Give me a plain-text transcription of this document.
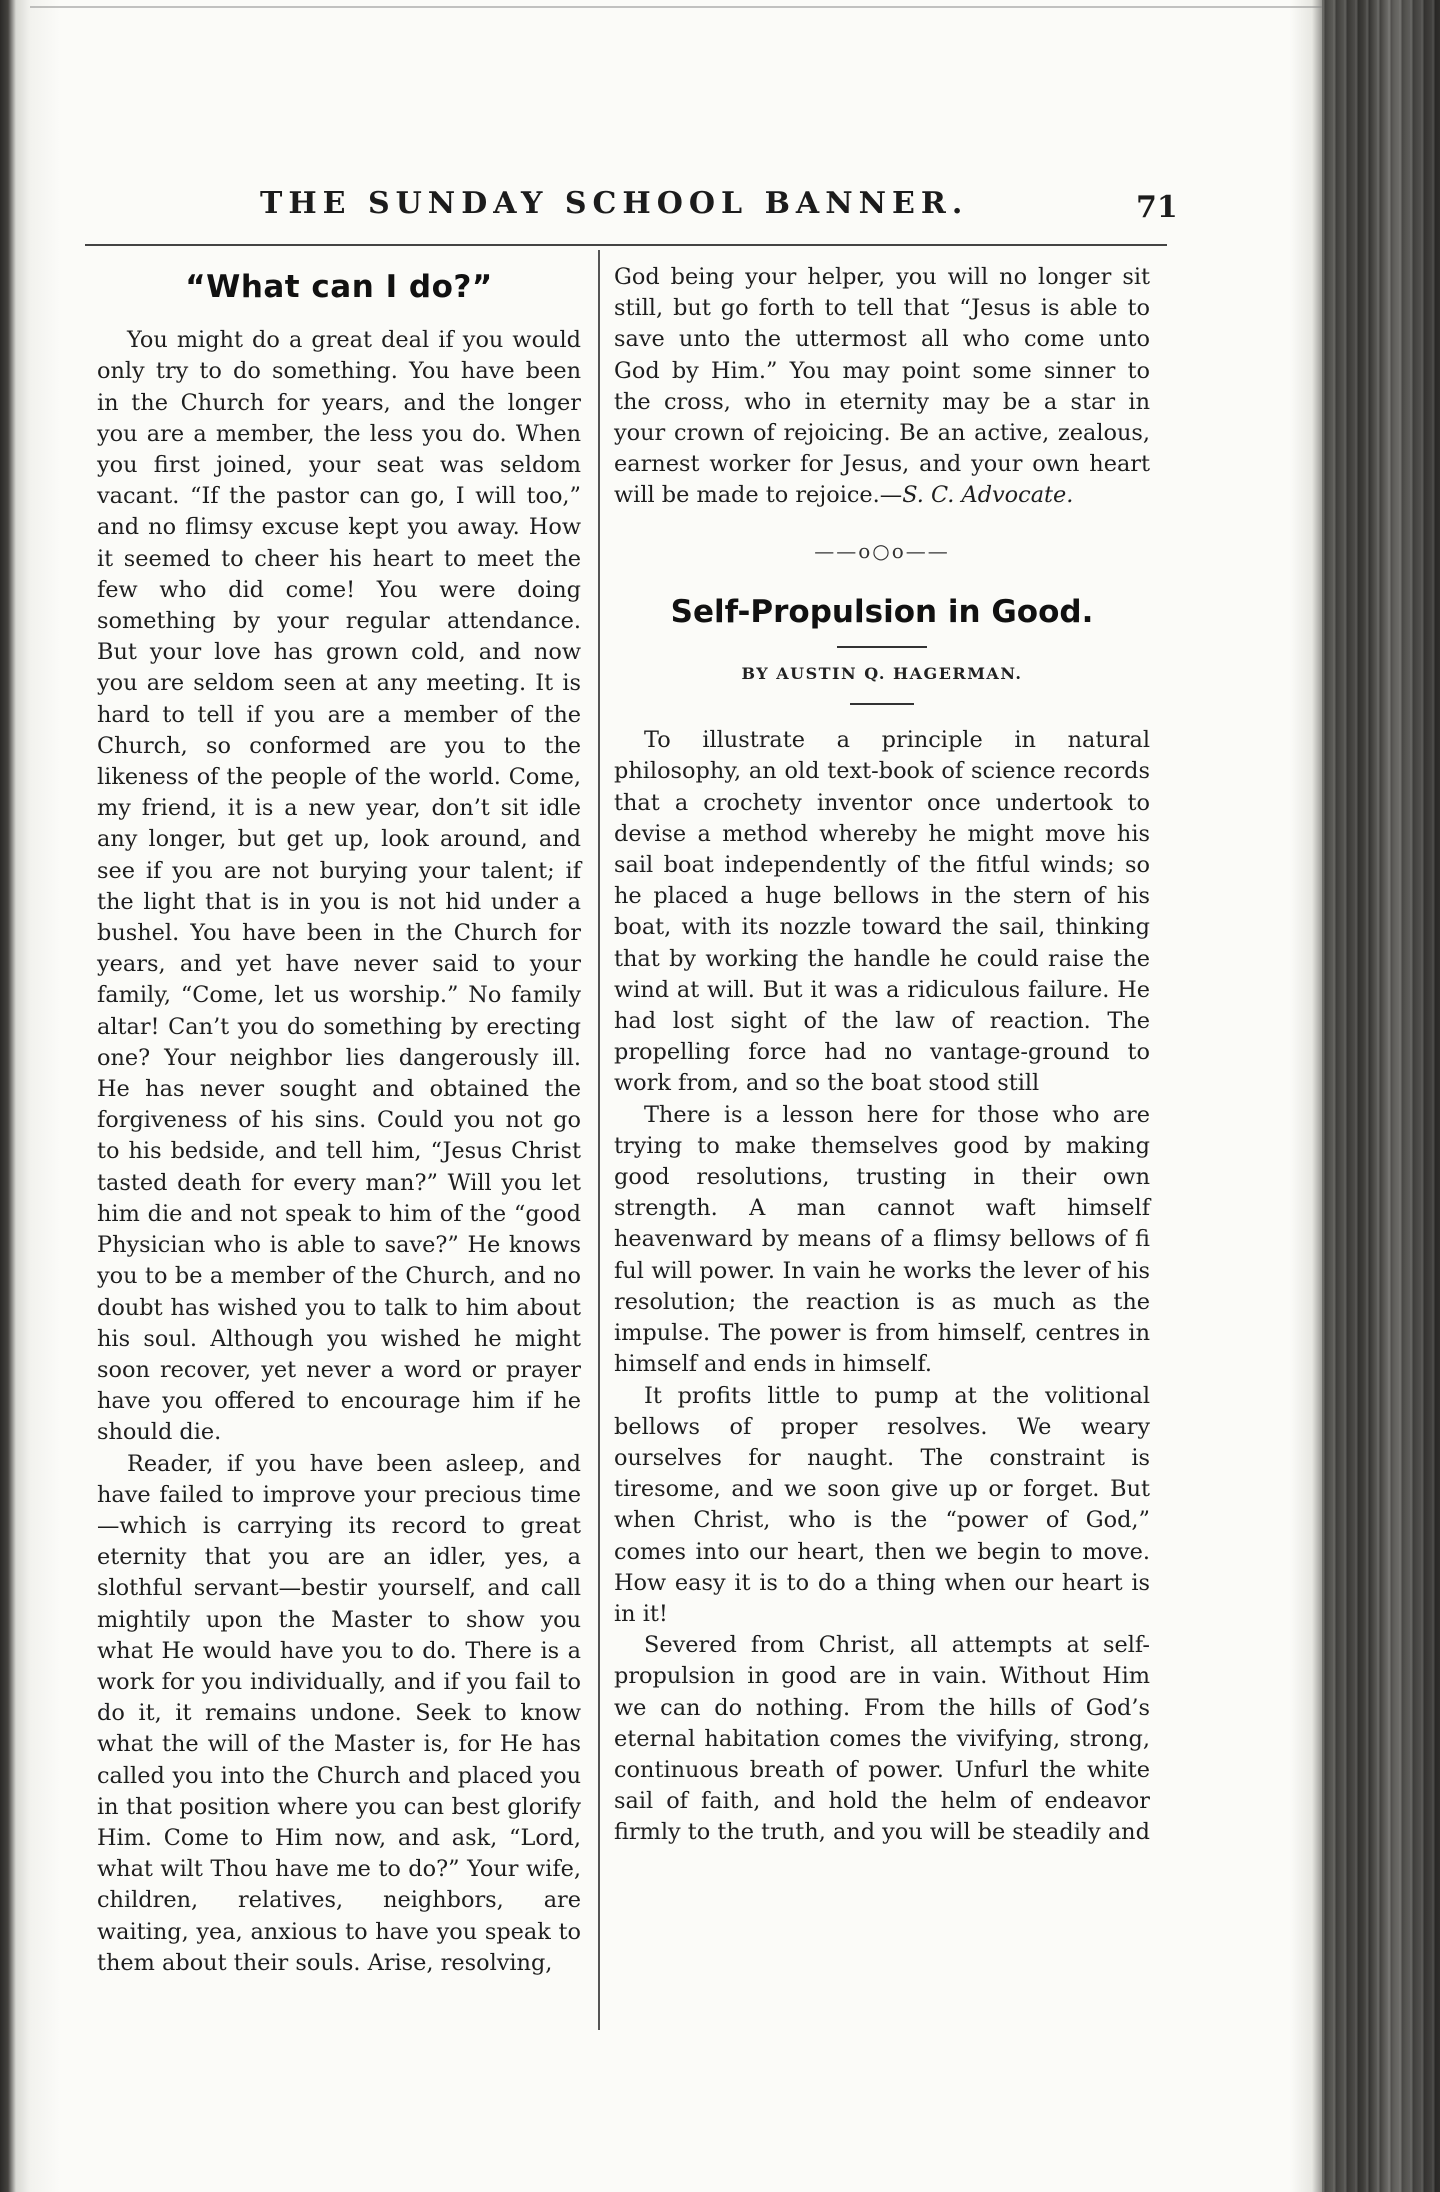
THE SUNDAY SCHOOL BANNER.	71
“What can I do?”

You might do a great deal if you would only try to do something. You have been in the Church for years, and the longer you are a member, the less you do. When you first joined, your seat was seldom vacant. “If the pastor can go, I will too,” and no flimsy excuse kept you away. How it seemed to cheer his heart to meet the few who did come! You were doing something by your regular attendance. But your love has grown cold, and now you are seldom seen at any meeting. It is hard to tell if you are a member of the Church, so conformed are you to the likeness of the people of the world. Come, my friend, it is a new year, don’t sit idle any longer, but get up, look around, and see if you are not burying your talent; if the light that is in you is not hid under a bushel. You have been in the Church for years, and yet have never said to your family, “Come, let us worship.” No family altar! Can’t you do something by erecting one? Your neighbor lies dangerously ill. He has never sought and obtained the forgiveness of his sins. Could you not go to his bedside, and tell him, “Jesus Christ tasted death for every man?” Will you let him die and not speak to him of the “good Physician who is able to save?” He knows you to be a member of the Church, and no doubt has wished you to talk to him about his soul. Although you wished he might soon recover, yet never a word or prayer have you offered to encourage him if he should die.

Reader, if you have been asleep, and have failed to improve your precious time—which is carrying its record to great eternity that you are an idler, yes, a slothful servant—bestir yourself, and call mightily upon the Master to show you what He would have you to do. There is a work for you individually, and if you fail to do it, it remains undone. Seek to know what the will of the Master is, for He has called you into the Church and placed you in that position where you can best glorify Him. Come to Him now, and ask, “Lord, what wilt Thou have me to do?” Your wife, children, relatives, neighbors, are waiting, yea, anxious to have you speak to them about their souls. Arise, resolving,

God being your helper, you will no longer sit still, but go forth to tell that “Jesus is able to save unto the uttermost all who come unto God by Him.” You may point some sinner to the cross, who in eternity may be a star in your crown of rejoicing. Be an active, zealous, earnest worker for Jesus, and your own heart will be made to rejoice.—S. C. Advocate.

——o○o——
Self-Propulsion in Good.
BY AUSTIN Q. HAGERMAN.

To illustrate a principle in natural philosophy, an old text-book of science records that a crochety inventor once undertook to devise a method whereby he might move his sail boat independently of the fitful winds; so he placed a huge bellows in the stern of his boat, with its nozzle toward the sail, thinking that by working the handle he could raise the wind at will. But it was a ridiculous failure. He had lost sight of the law of reaction. The propelling force had no vantage-ground to work from, and so the boat stood still

There is a lesson here for those who are trying to make themselves good by making good resolutions, trusting in their own strength. A man cannot waft himself heavenward by means of a flimsy bellows of fi ful will power. In vain he works the lever of his resolution; the reaction is as much as the impulse. The power is from himself, centres in himself and ends in himself.

It profits little to pump at the volitional bellows of proper resolves. We weary ourselves for naught. The constraint is tiresome, and we soon give up or forget. But when Christ, who is the “power of God,” comes into our heart, then we begin to move. How easy it is to do a thing when our heart is in it!

Severed from Christ, all attempts at self-propulsion in good are in vain. Without Him we can do nothing. From the hills of God’s eternal habitation comes the vivifying, strong, continuous breath of power. Unfurl the white sail of faith, and hold the helm of endeavor firmly to the truth, and you will be steadily and
